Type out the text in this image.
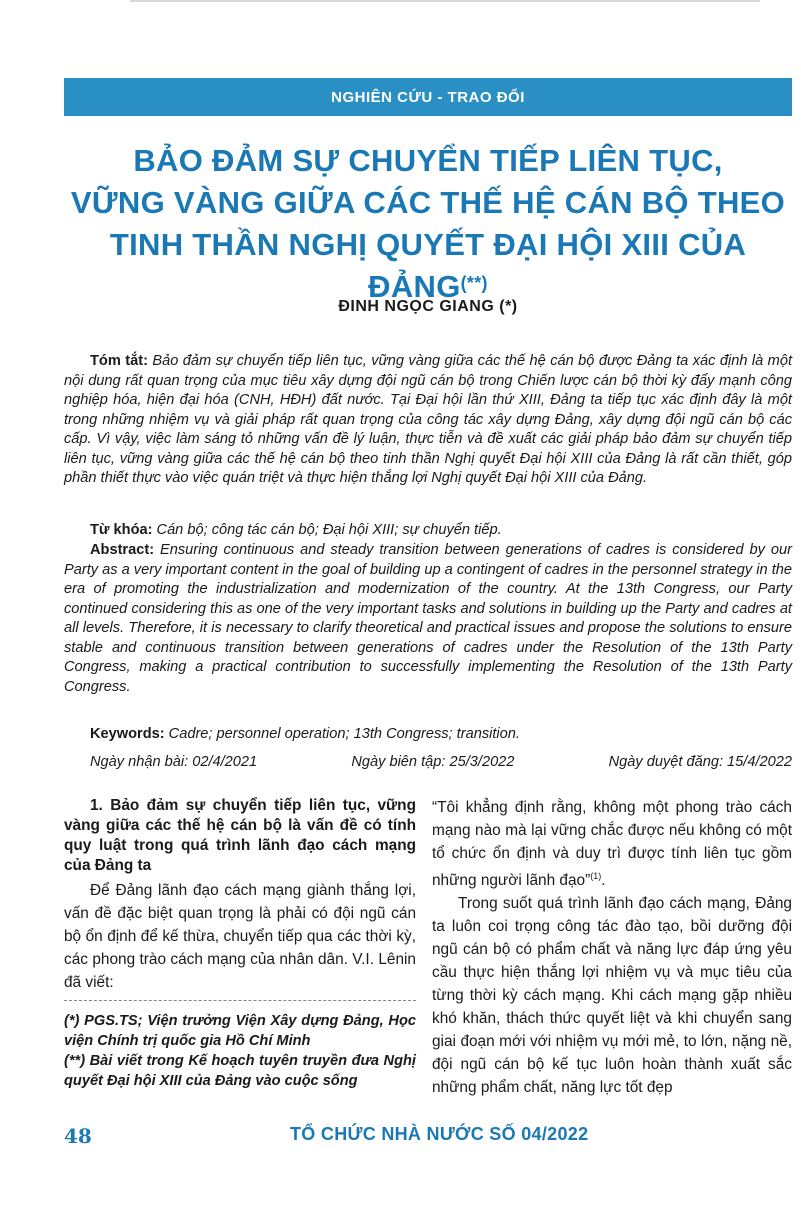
NGHIÊN CỨU - TRAO ĐỔI
BẢO ĐẢM SỰ CHUYỂN TIẾP LIÊN TỤC,
VỮNG VÀNG GIỮA CÁC THẾ HỆ CÁN BỘ THEO
TINH THẦN NGHỊ QUYẾT ĐẠI HỘI XIII CỦA ĐẢNG(**)
ĐINH NGỌC GIANG (*)
Tóm tắt: Bảo đảm sự chuyển tiếp liên tục, vững vàng giữa các thế hệ cán bộ được Đảng ta xác định là một nội dung rất quan trọng của mục tiêu xây dựng đội ngũ cán bộ trong Chiến lược cán bộ thời kỳ đẩy mạnh công nghiệp hóa, hiện đại hóa (CNH, HĐH) đất nước. Tại Đại hội lần thứ XIII, Đảng ta tiếp tục xác định đây là một trong những nhiệm vụ và giải pháp rất quan trọng của công tác xây dựng Đảng, xây dựng đội ngũ cán bộ các cấp. Vì vậy, việc làm sáng tỏ những vấn đề lý luận, thực tiễn và đề xuất các giải pháp bảo đảm sự chuyển tiếp liên tục, vững vàng giữa các thế hệ cán bộ theo tinh thần Nghị quyết Đại hội XIII của Đảng là rất cần thiết, góp phần thiết thực vào việc quán triệt và thực hiện thắng lợi Nghị quyết Đại hội XIII của Đảng.
Từ khóa: Cán bộ; công tác cán bộ; Đại hội XIII; sự chuyển tiếp.
Abstract: Ensuring continuous and steady transition between generations of cadres is considered by our Party as a very important content in the goal of building up a contingent of cadres in the personnel strategy in the era of promoting the industrialization and modernization of the country. At the 13th Congress, our Party continued considering this as one of the very important tasks and solutions in building up the Party and cadres at all levels. Therefore, it is necessary to clarify theoretical and practical issues and propose the solutions to ensure stable and continuous transition between generations of cadres under the Resolution of the 13th Party Congress, making a practical contribution to successfully implementing the Resolution of the 13th Party Congress.
Keywords: Cadre; personnel operation; 13th Congress; transition.
Ngày nhận bài: 02/4/2021	Ngày biên tập: 25/3/2022	Ngày duyệt đăng: 15/4/2022

1. Bảo đảm sự chuyển tiếp liên tục, vững vàng giữa các thế hệ cán bộ là vấn đề có tính quy luật trong quá trình lãnh đạo cách mạng của Đảng ta

Để Đảng lãnh đạo cách mạng giành thắng lợi, vấn đề đặc biệt quan trọng là phải có đội ngũ cán bộ ổn định để kế thừa, chuyển tiếp qua các thời kỳ, các phong trào cách mạng của nhân dân. V.I. Lênin đã viết:

(*) PGS.TS; Viện trưởng Viện Xây dựng Đảng, Học viện Chính trị quốc gia Hồ Chí Minh
(**) Bài viết trong Kế hoạch tuyên truyền đưa Nghị quyết Đại hội XIII của Đảng vào cuộc sống

“Tôi khẳng định rằng, không một phong trào cách mạng nào mà lại vững chắc được nếu không có một tổ chức ổn định và duy trì được tính liên tục gồm những người lãnh đạo”$^{(1)}$.

Trong suốt quá trình lãnh đạo cách mạng, Đảng ta luôn coi trọng công tác đào tạo, bồi dưỡng đội ngũ cán bộ có phẩm chất và năng lực đáp ứng yêu cầu thực hiện thắng lợi nhiệm vụ và mục tiêu của từng thời kỳ cách mạng. Khi cách mạng gặp nhiều khó khăn, thách thức quyết liệt và khi chuyển sang giai đoạn mới với nhiệm vụ mới mẻ, to lớn, nặng nề, đội ngũ cán bộ kế tục luôn hoàn thành xuất sắc những phẩm chất, năng lực tốt đẹp

48	TỔ CHỨC NHÀ NƯỚC SỐ 04/2022
